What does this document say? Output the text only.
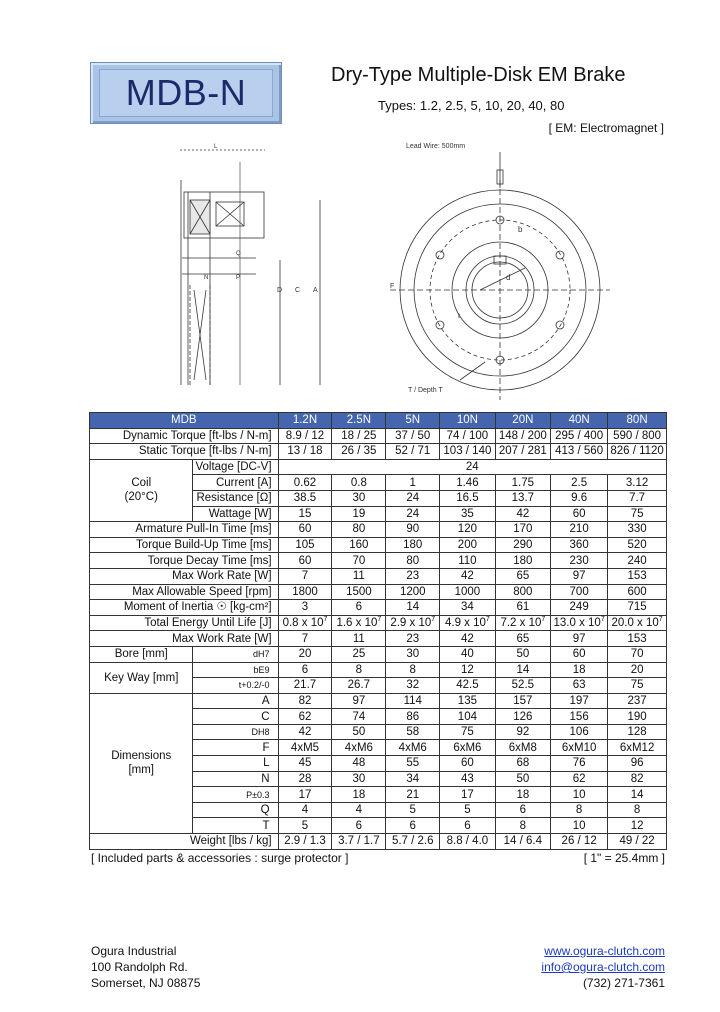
MDB-N	Dry-Type Multiple-Disk EM Brake
Types: 1.2, 2.5, 5, 10, 20, 40, 80
[ EM: Electromagnet ]
L
Q
N	P
D C A
Lead Wire: 500mm
b
d
t
F
T / Depth T
MDB		1.2N	2.5N	5N	10N	20N	40N	80N
Dynamic Torque [ft-lbs / N-m]		8.9 / 12	18 / 25	37 / 50	74 / 100	148 / 200	295 / 400	590 / 800
Static Torque [ft-lbs / N-m]		13 / 18	26 / 35	52 / 71	103 / 140	207 / 281	413 / 560	826 / 1120
Coil
(20°C)	Voltage [DC-V]	24						
	Current [A]	0.62	0.8	1	1.46	1.75	2.5	3.12
	Resistance [Ω]	38.5	30	24	16.5	13.7	9.6	7.7
	Wattage [W]	15	19	24	35	42	60	75
Armature Pull-In Time [ms]		60	80	90	120	170	210	330
Torque Build-Up Time [ms]		105	160	180	200	290	360	520
Torque Decay Time [ms]		60	70	80	110	180	230	240
Max Work Rate [W]		7	11	23	42	65	97	153
Max Allowable Speed [rpm]		1800	1500	1200	1000	800	700	600
Moment of Inertia ☉ [kg-cm²]		3	6	14	34	61	249	715
Total Energy Until Life [J]		0.8 x $10^7$	1.6 x $10^7$	2.9 x $10^7$	4.9 x $10^7$	7.2 x $10^7$	13.0 x $10^7$	20.0 x $10^7$
Max Work Rate [W]		7	11	23	42	65	97	153
Bore [mm]	dH7	20	25	30	40	50	60	70
Key Way [mm]	bE9	6	8	8	12	14	18	20
	t+0.2/-0	21.7	26.7	32	42.5	52.5	63	75
Dimensions
[mm]	A	82	97	114	135	157	197	237
	C	62	74	86	104	126	156	190
	DH8	42	50	58	75	92	106	128
	F	4xM5	4xM6	4xM6	6xM6	6xM8	6xM10	6xM12
	L	45	48	55	60	68	76	96
	N	28	30	34	43	50	62	82
	P±0.3	17	18	21	17	18	10	14
	Q	4	4	5	5	6	8	8
	T	5	6	6	6	8	10	12
Weight [lbs / kg]		2.9 / 1.3	3.7 / 1.7	5.7 / 2.6	8.8 / 4.0	14 / 6.4	26 / 12	49 / 22
[ Included parts & accessories : surge protector ]	[ 1" = 25.4mm ]
Ogura Industrial
100 Randolph Rd.
Somerset, NJ 08875
www.ogura-clutch.com
info@ogura-clutch.com
(732) 271-7361
